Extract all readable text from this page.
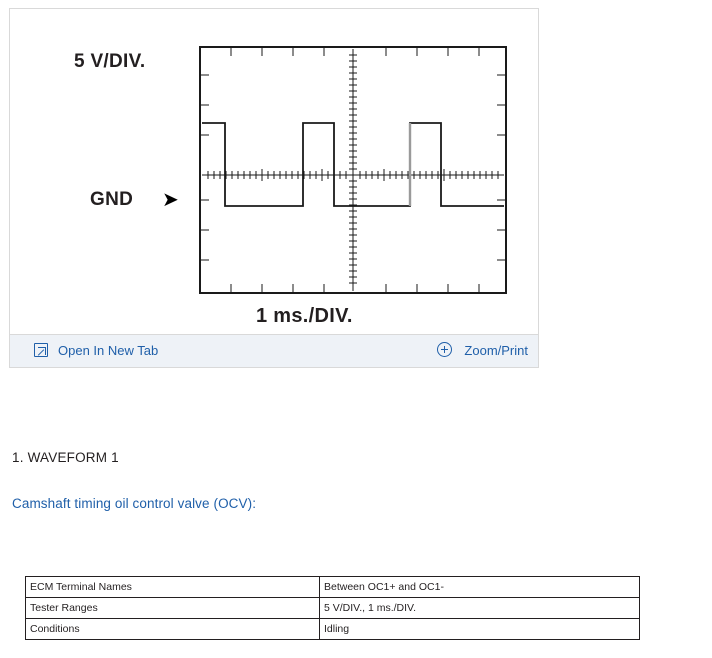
5 V/DIV.
GND ➤
1 ms./DIV.
Open In New Tab	Zoom/Print
1. WAVEFORM 1
Camshaft timing oil control valve (OCV):
ECM Terminal Names	Between OC1+ and OC1-
Tester Ranges	5 V/DIV., 1 ms./DIV.
Conditions	Idling
